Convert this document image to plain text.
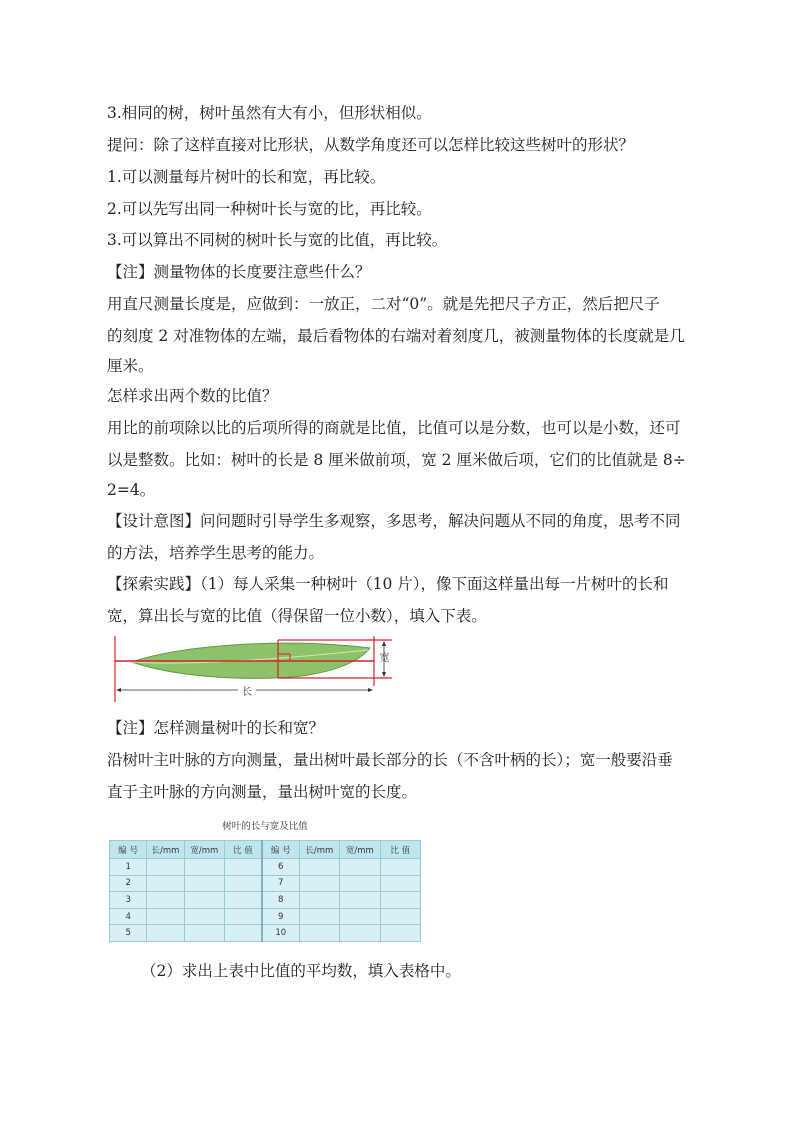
3.相同的树，树叶虽然有大有小，但形状相似。
提问：除了这样直接对比形状，从数学角度还可以怎样比较这些树叶的形状？
1.可以测量每片树叶的长和宽，再比较。
2.可以先写出同一种树叶长与宽的比，再比较。
3.可以算出不同树的树叶长与宽的比值，再比较。
【注】测量物体的长度要注意些什么？
用直尺测量长度是，应做到：一放正，二对“0”。就是先把尺子方正，然后把尺子
的刻度 2 对准物体的左端，最后看物体的右端对着刻度几，被测量物体的长度就是几
厘米。
怎样求出两个数的比值？
用比的前项除以比的后项所得的商就是比值，比值可以是分数，也可以是小数，还可
以是整数。比如：树叶的长是 8 厘米做前项，宽 2 厘米做后项，它们的比值就是 8÷
2=4。
【设计意图】问问题时引导学生多观察，多思考，解决问题从不同的角度，思考不同
的方法，培养学生思考的能力。
【探索实践】（1）每人采集一种树叶（10 片），像下面这样量出每一片树叶的长和
宽，算出长与宽的比值（得保留一位小数），填入下表。
宽
长
【注】怎样测量树叶的长和宽？
沿树叶主叶脉的方向测量，量出树叶最长部分的长（不含叶柄的长）；宽一般要沿垂
直于主叶脉的方向测量，量出树叶宽的长度。
树叶的长与宽及比值
编 号	长/mm	宽/mm	比 值	编 号	长/mm	宽/mm	比 值
1				6			
2				7			
3				8			
4				9			
5				10			
（2）求出上表中比值的平均数，填入表格中。
